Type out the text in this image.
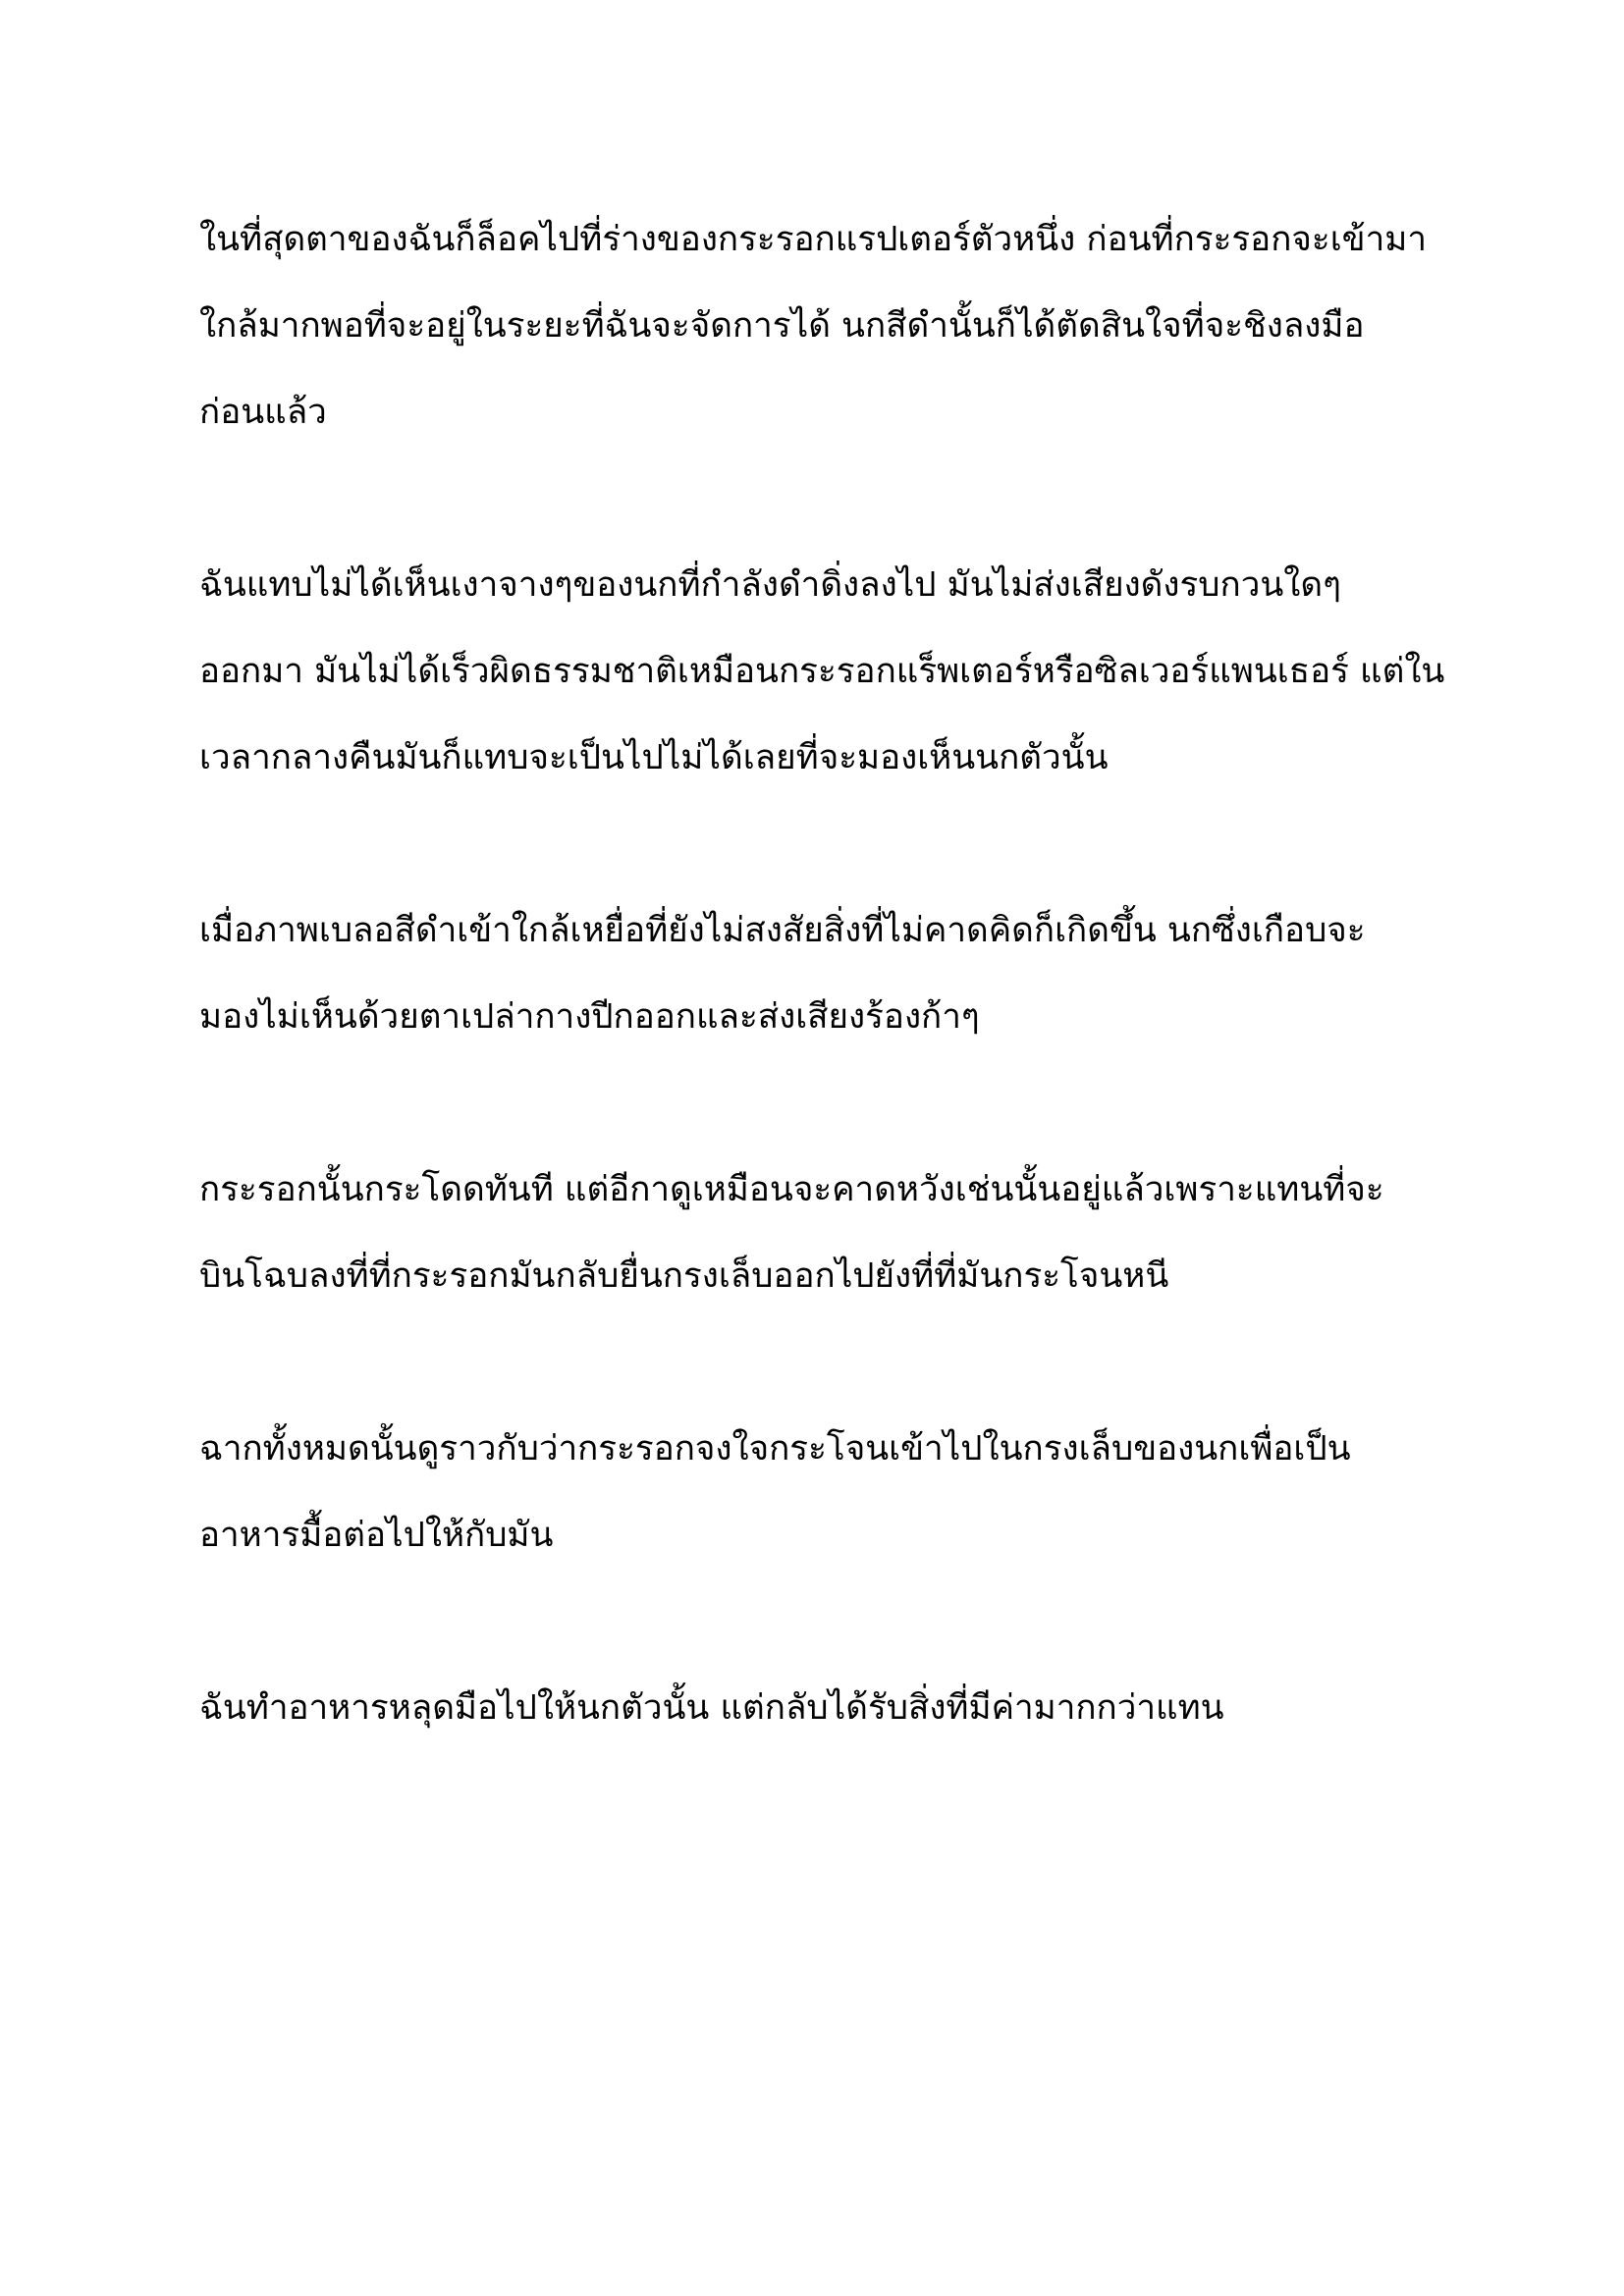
ในที่สุดตาของฉันก็ล็อคไปที่ร่างของกระรอกแรปเตอร์ตัวหนึ่ง ก่อนที่กระรอกจะเข้ามา
ใกล้มากพอที่จะอยู่ในระยะที่ฉันจะจัดการได้ นกสีดำนั้นก็ได้ตัดสินใจที่จะชิงลงมือ
ก่อนแล้ว

ฉันแทบไม่ได้เห็นเงาจางๆของนกที่กำลังดำดิ่งลงไป มันไม่ส่งเสียงดังรบกวนใดๆ
ออกมา มันไม่ได้เร็วผิดธรรมชาติเหมือนกระรอกแร็พเตอร์หรือซิลเวอร์แพนเธอร์ แต่ใน
เวลากลางคืนมันก็แทบจะเป็นไปไม่ได้เลยที่จะมองเห็นนกตัวนั้น

เมื่อภาพเบลอสีดำเข้าใกล้เหยื่อที่ยังไม่สงสัยสิ่งที่ไม่คาดคิดก็เกิดขึ้น นกซึ่งเกือบจะ
มองไม่เห็นด้วยตาเปล่ากางปีกออกและส่งเสียงร้องก้าๆ

กระรอกนั้นกระโดดทันที แต่อีกาดูเหมือนจะคาดหวังเช่นนั้นอยู่แล้วเพราะแทนที่จะ
บินโฉบลงที่ที่กระรอกมันกลับยื่นกรงเล็บออกไปยังที่ที่มันกระโจนหนี

ฉากทั้งหมดนั้นดูราวกับว่ากระรอกจงใจกระโจนเข้าไปในกรงเล็บของนกเพื่อเป็น
อาหารมื้อต่อไปให้กับมัน

ฉันทำอาหารหลุดมือไปให้นกตัวนั้น แต่กลับได้รับสิ่งที่มีค่ามากกว่าแทน
